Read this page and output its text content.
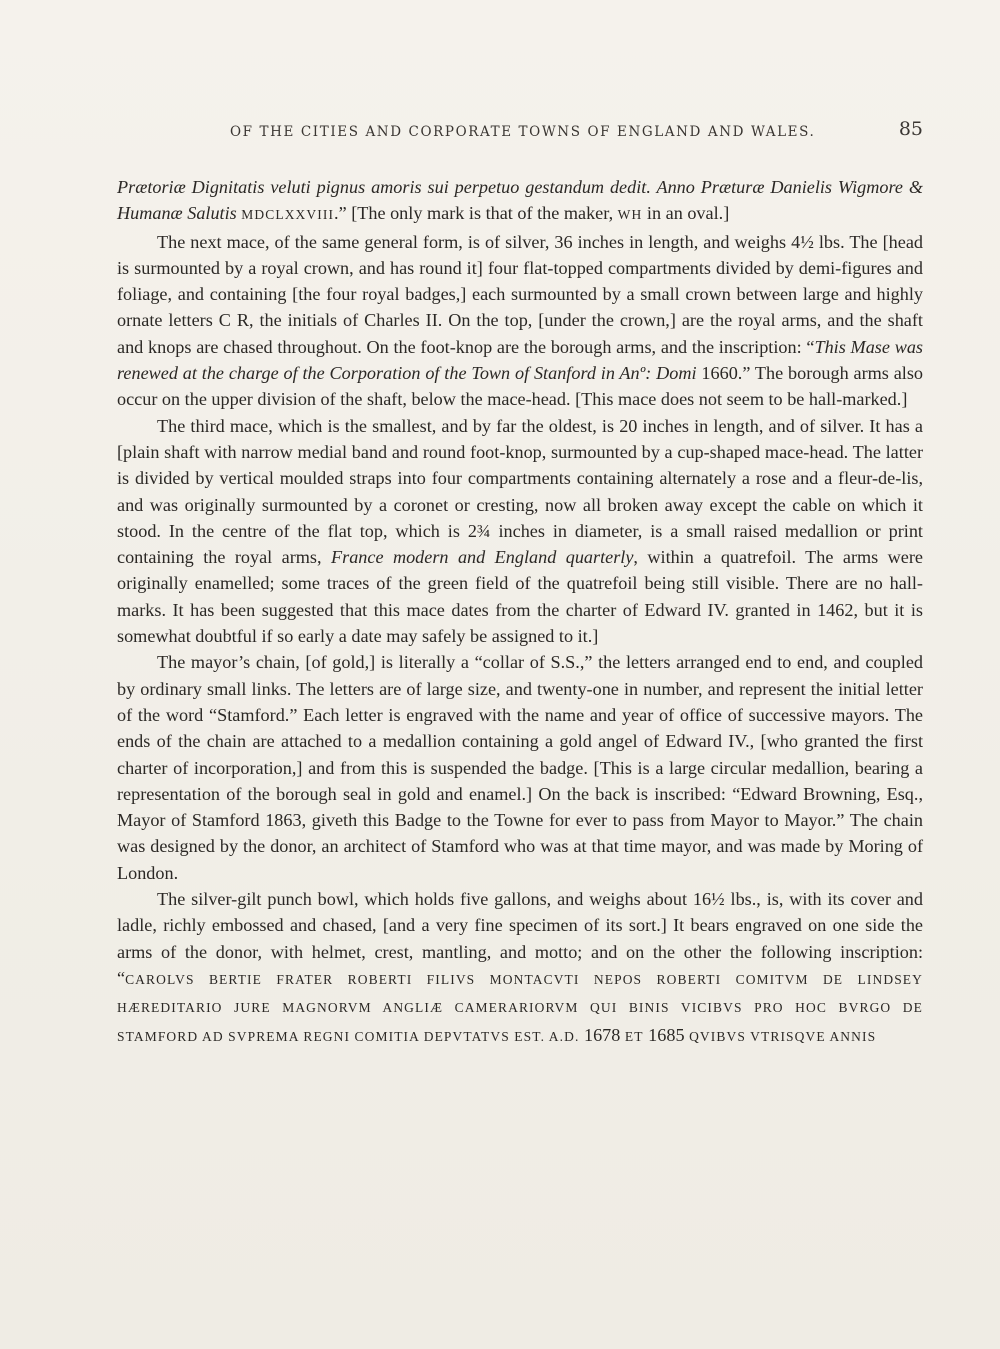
OF THE CITIES AND CORPORATE TOWNS OF ENGLAND AND WALES.	85

Prætoriæ Dignitatis veluti pignus amoris sui perpetuo gestandum dedit. Anno Præturæ Danielis Wigmore & Humanæ Salutis MDCLXXVIII.” [The only mark is that of the maker, WH in an oval.]

The next mace, of the same general form, is of silver, 36 inches in length, and weighs 4½ lbs. The [head is surmounted by a royal crown, and has round it] four flat-topped compartments divided by demi-figures and foliage, and containing [the four royal badges,] each surmounted by a small crown between large and highly ornate letters C R, the initials of Charles II. On the top, [under the crown,] are the royal arms, and the shaft and knops are chased throughout. On the foot-knop are the borough arms, and the inscription: “This Mase was renewed at the charge of the Corporation of the Town of Stanford in Anº: Domi 1660.” The borough arms also occur on the upper division of the shaft, below the mace-head. [This mace does not seem to be hall-marked.]

The third mace, which is the smallest, and by far the oldest, is 20 inches in length, and of silver. It has a [plain shaft with narrow medial band and round foot-knop, surmounted by a cup-shaped mace-head. The latter is divided by vertical moulded straps into four compartments containing alternately a rose and a fleur-de-lis, and was originally surmounted by a coronet or cresting, now all broken away except the cable on which it stood. In the centre of the flat top, which is 2¾ inches in diameter, is a small raised medallion or print containing the royal arms, France modern and England quarterly, within a quatrefoil. The arms were originally enamelled; some traces of the green field of the quatrefoil being still visible. There are no hall-marks. It has been suggested that this mace dates from the charter of Edward IV. granted in 1462, but it is somewhat doubtful if so early a date may safely be assigned to it.]

The mayor’s chain, [of gold,] is literally a “collar of S.S.,” the letters arranged end to end, and coupled by ordinary small links. The letters are of large size, and twenty-one in number, and represent the initial letter of the word “Stamford.” Each letter is engraved with the name and year of office of successive mayors. The ends of the chain are attached to a medallion containing a gold angel of Edward IV., [who granted the first charter of incorporation,] and from this is suspended the badge. [This is a large circular medallion, bearing a representation of the borough seal in gold and enamel.] On the back is inscribed: “Edward Browning, Esq., Mayor of Stamford 1863, giveth this Badge to the Towne for ever to pass from Mayor to Mayor.” The chain was designed by the donor, an architect of Stamford who was at that time mayor, and was made by Moring of London.

The silver-gilt punch bowl, which holds five gallons, and weighs about 16½ lbs., is, with its cover and ladle, richly embossed and chased, [and a very fine specimen of its sort.] It bears engraved on one side the arms of the donor, with helmet, crest, mantling, and motto; and on the other the following inscription: “CAROLVS BERTIE FRATER ROBERTI FILIVS MONTACVTI NEPOS ROBERTI COMITVM DE LINDSEY HÆREDITARIO JURE MAGNORVM ANGLIÆ CAMERARIORVM QUI BINIS VICIBVS PRO HOC BVRGO DE STAMFORD AD SVPREMA REGNI COMITIA DEPVTATVS EST. A.D. 1678 ET 1685 QVIBVS VTRISQVE ANNIS
